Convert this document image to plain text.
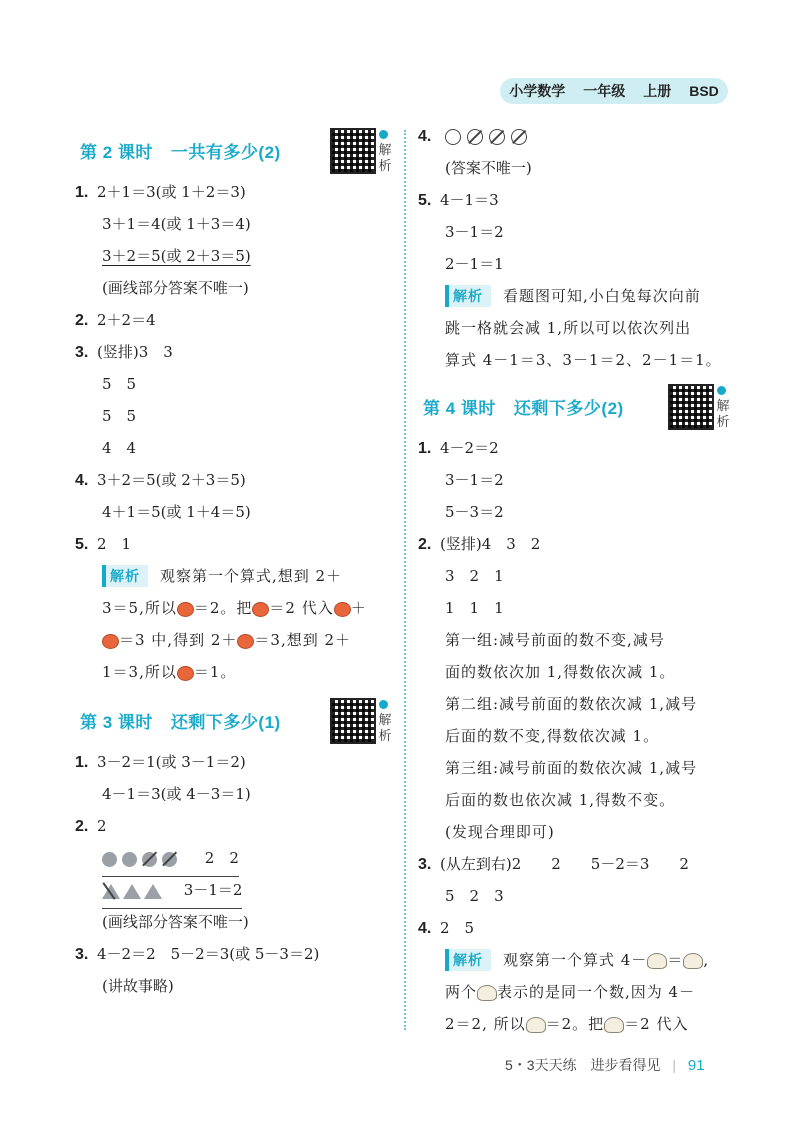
小学数学 一年级 上册 BSD
第 2 课时 一共有多少(2)	解析
1. 2＋1＝3(或 1＋2＝3)
3＋1＝4(或 1＋3＝4)
3＋2＝5(或 2＋3＝5)
(画线部分答案不唯一)
2. 2＋2＝4
3. (竖排)3　3
5　5
5　5
4　4
4. 3＋2＝5(或 2＋3＝5)
4＋1＝5(或 1＋4＝5)
5. 2　1
解析 观察第一个算式,想到 2＋
3＝5,所以 ＝2。把 ＝2 代入 ＋
＝3 中,得到 2＋ ＝3,想到 2＋
1＝3,所以 ＝1。
第 3 课时 还剩下多少(1)	解析
1. 3－2＝1(或 3－1＝2)
4－1＝3(或 4－3＝1)
2. 2
2　2
3－1＝2
(画线部分答案不唯一)
3. 4－2＝2　5－2＝3(或 5－3＝2)
(讲故事略)
4.
(答案不唯一)
5. 4－1＝3
3－1＝2
2－1＝1
解析 看题图可知,小白兔每次向前
跳一格就会减 1,所以可以依次列出
算式 4－1＝3、3－1＝2、2－1＝1。
第 4 课时 还剩下多少(2)	解析
1. 4－2＝2
3－1＝2
5－3＝2
2. (竖排)4　3　2
3　2　1
1　1　1
第一组:减号前面的数不变,减号
面的数依次加 1,得数依次减 1。
第二组:减号前面的数依次减 1,减号
后面的数不变,得数依次减 1。
第三组:减号前面的数依次减 1,减号
后面的数也依次减 1,得数不变。
(发现合理即可)
3. (从左到右)2　　2　　5－2＝3　　2
5　2　3
4. 2　5
解析 观察第一个算式 4－ ＝ ,
两个 表示的是同一个数,因为 4－
2＝2, 所以 ＝2。把 ＝2 代入
5・3天天练 进步看得见 | 91
